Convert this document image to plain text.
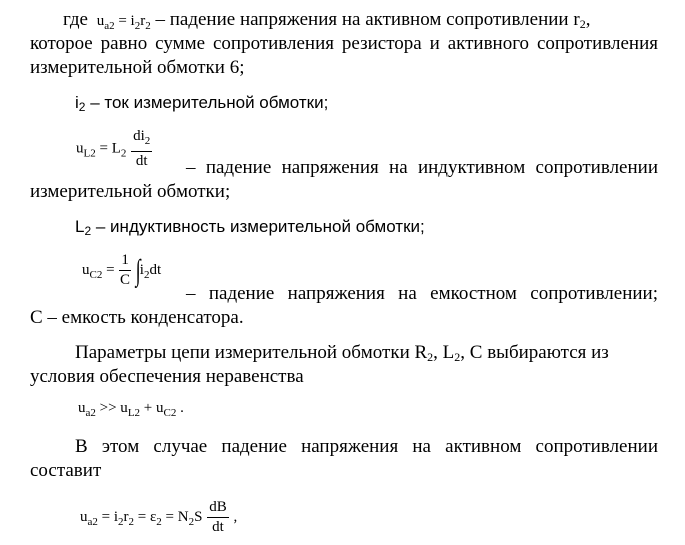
где $u_{a2} = i_2r_2$ – падение напряжения на активном сопротивлении $r_2$,
которое равно сумме сопротивления резистора и активного сопротивления
измерительной обмотки 6;
$i_2$ – ток измерительной обмотки;
$u_{L2} = L_2 \frac{di_2}{dt}$ – падение напряжения на индуктивном сопротивлении
измерительной обмотки;
$L_2$ – индуктивность измерительной обмотки;
$u_{C2} = \frac{1}{C} \int i_2dt$
– падение напряжения на емкостном сопротивлении;
C – емкость конденсатора.
Параметры цепи измерительной обмотки $R_2$, $L_2$, C выбираются из
условия обеспечения неравенства
$u_{a2} >> u_{L2} + u_{C2}$ .
В этом случае падение напряжения на активном сопротивлении
составит
$u_{a2} = i_2r_2 = \varepsilon_2 = N_2S \frac{dB}{dt}$ ,
